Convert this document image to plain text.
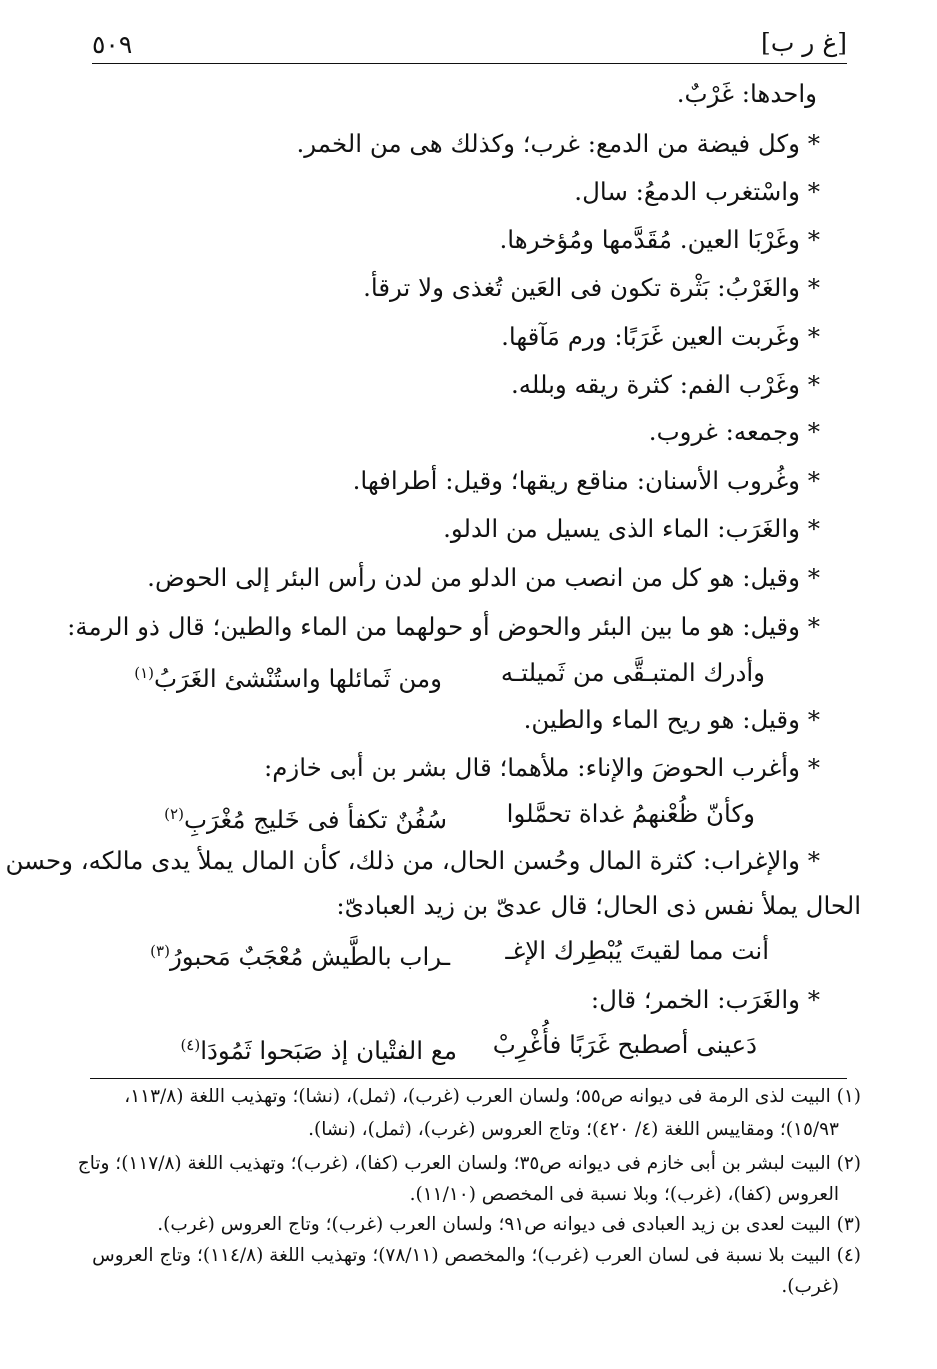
[غ ر ب]
٥٠٩
واحدها: غَرْبٌ.
* وكل فيضة من الدمع: غرب؛ وكذلك هى من الخمر.
* واسْتغرب الدمعُ: سال.
* وغَرْبَا العين. مُقَدَّمها ومُؤخرها.
* والغَرْبُ: بَثْرة تكون فى العَين تُغذى ولا ترقأ.
* وغَربت العين غَرَبًا: ورم مَآقها.
* وغَرْب الفم: كثرة ريقه وبلله.
* وجمعه: غروب.
* وغُروب الأسنان: مناقع ريقها؛ وقيل: أطرافها.
* والغَرَب: الماء الذى يسيل من الدلو.
* وقيل: هو كل من انصب من الدلو من لدن رأس البئر إلى الحوض.
* وقيل: هو ما بين البئر والحوض أو حولهما من الماء والطين؛ قال ذو الرمة:
وأدرك المتبـقَّى من ثَميلتـه
ومن ثَمائلها واستُنْشئ الغَرَبُ$^{(١)}$
* وقيل: هو ريح الماء والطين.
* وأغرب الحوضَ والإناء: ملأهما؛ قال بشر بن أبى خازم:
وكأنّ ظُعْنهمُ غداة تحمَّلوا
سُفُنٌ تكفأ فى خَليج مُغْرَبِ$^{(٢)}$
* والإغراب: كثرة المال وحُسن الحال، من ذلك، كأن المال يملأ يدى مالكه، وحسن
الحال يملأ نفس ذى الحال؛ قال عدىّ بن زيد العبادىّ:
أنت مما لقيتَ يُبْطِرك الإغـ
ـراب بالطَّيش مُعْجَبٌ مَحبورُ$^{(٣)}$
* والغَرَب: الخمر؛ قال:
دَعينى أصطبح غَرَبًا فأُغْرِبْ
مع الفتْيان إذ صَبَحوا ثَمُودَا$^{(٤)}$
(١) البيت لذى الرمة فى ديوانه ص٥٥؛ ولسان العرب (غرب)، (ثمل)، (نشا)؛ وتهذيب اللغة (١١٣/٨،
١٥/٩٣)؛ ومقاييس اللغة (٤/ ٤٢٠)؛ وتاج العروس (غرب)، (ثمل)، (نشا).
(٢) البيت لبشر بن أبى خازم فى ديوانه ص٣٥؛ ولسان العرب (كفا)، (غرب)؛ وتهذيب اللغة (١١٧/٨)؛ وتاج
العروس (كفا)، (غرب)؛ وبلا نسبة فى المخصص (١١/١٠).
(٣) البيت لعدى بن زيد العبادى فى ديوانه ص٩١؛ ولسان العرب (غرب)؛ وتاج العروس (غرب).
(٤) البيت بلا نسبة فى لسان العرب (غرب)؛ والمخصص (٧٨/١١)؛ وتهذيب اللغة (١١٤/٨)؛ وتاج العروس
(غرب).
